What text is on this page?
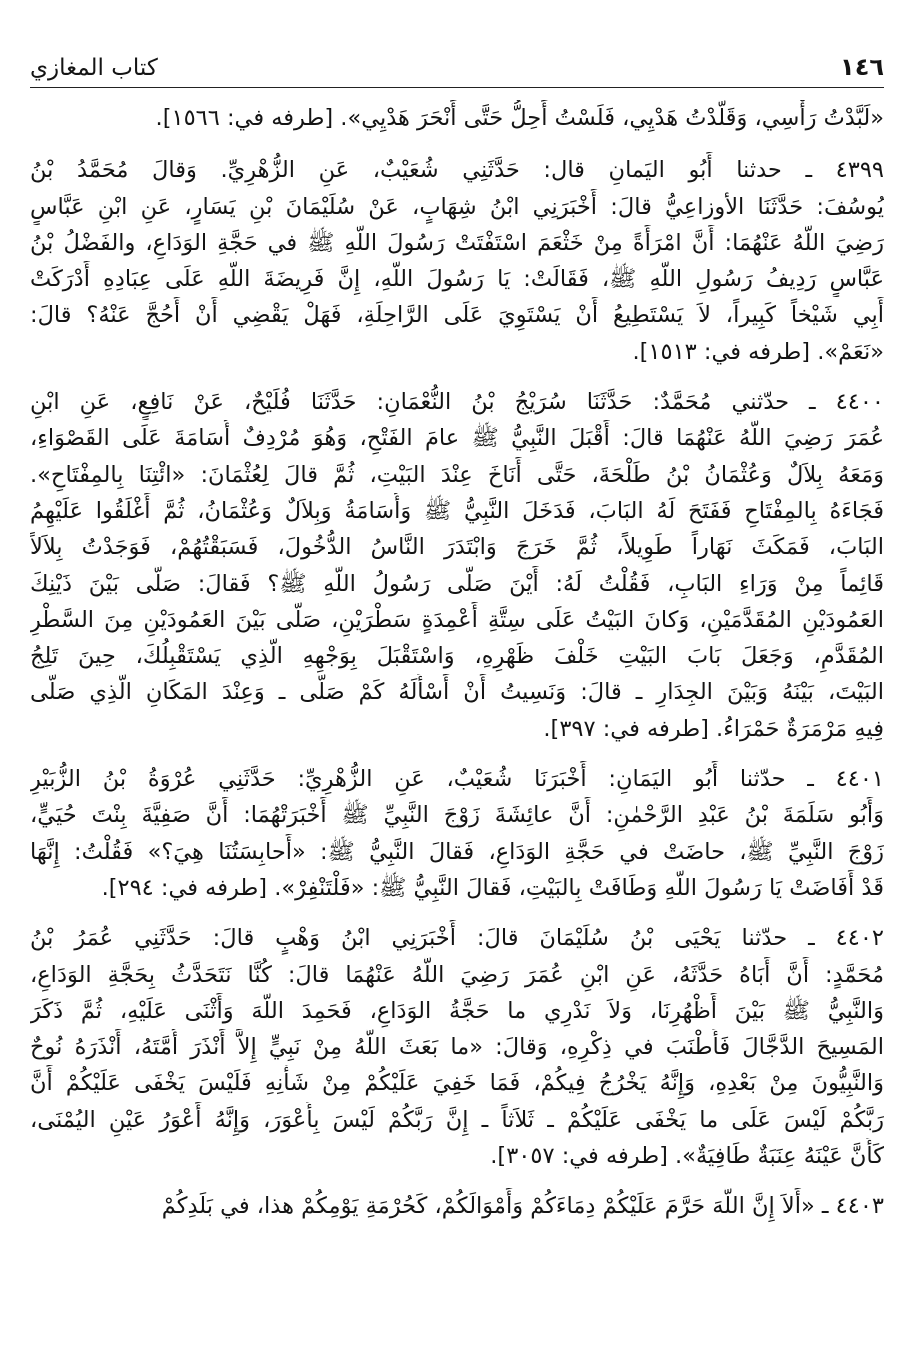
١٤٦
كتاب المغازي
«لَبَّدْتُ رَأْسِي، وَقَلَّدْتُ هَدْيِي، فَلَسْتُ أَحِلُّ حَتَّى أَنْحَرَ هَدْيِي». [طرفه في: ١٥٦٦].
٤٣٩٩ ـ حدثنا أَبُو اليَمانِ قال: حَدَّثَنِي شُعَيْبٌ، عَنِ الزُّهْرِيِّ. وَقالَ مُحَمَّدُ بْنُ
يُوسُفَ: حَدَّثَنَا الأوزاعِيُّ قالَ: أَخْبَرَنِي ابْنُ شِهَابٍ، عَنْ سُلَيْمَانَ بْنِ يَسَارٍ، عَنِ ابْنِ عَبَّاسٍ
رَضِيَ اللَّهُ عَنْهُمَا: أَنَّ امْرَأَةً مِنْ خَثْعَمَ اسْتَفْتَتْ رَسُولَ اللَّهِ ﷺ في حَجَّةِ الوَدَاعِ، والفَضْلُ بْنُ
عَبَّاسٍ رَدِيفُ رَسُولِ اللَّهِ ﷺ، فَقَالَتْ: يَا رَسُولَ اللَّهِ، إِنَّ فَرِيضَةَ اللَّهِ عَلَى عِبَادِهِ أَدْرَكَتْ
أَبِي شَيْخاً كَبِيراً، لاَ يَسْتَطِيعُ أَنْ يَسْتَوِيَ عَلَى الرَّاحِلَةِ، فَهَلْ يَقْضِي أَنْ أَحُجَّ عَنْهُ؟ قالَ:
«نَعَمْ». [طرفه في: ١٥١٣].
٤٤٠٠ ـ حدّثني مُحَمَّدٌ: حَدَّثَنَا سُرَيْجُ بْنُ النُّعْمَانِ: حَدَّثَنَا فُلَيْحٌ، عَنْ نَافِعٍ، عَنِ ابْنِ
عُمَرَ رَضِيَ اللَّهُ عَنْهُمَا قالَ: أَقْبَلَ النَّبِيُّ ﷺ عامَ الفَتْحِ، وَهُوَ مُرْدِفٌ أُسَامَةَ عَلَى القَصْوَاءِ،
وَمَعَهُ بِلاَلٌ وَعُثْمَانُ بْنُ طَلْحَةَ، حَتَّى أَنَاخَ عِنْدَ البَيْتِ، ثُمَّ قالَ لِعُثْمَانَ: «ائْتِنَا بِالمِفْتَاحِ».
فَجَاءَهُ بِالمِفْتَاحِ فَفَتَحَ لَهُ البَابَ، فَدَخَلَ النَّبِيُّ ﷺ وَأُسَامَةُ وَبِلاَلٌ وَعُثْمَانُ، ثُمَّ أَغْلَقُوا عَلَيْهِمُ
البَابَ، فَمَكَثَ نَهَاراً طَوِيلاً، ثُمَّ خَرَجَ وَابْتَدَرَ النَّاسُ الدُّخُولَ، فَسَبَقْتُهُمْ، فَوَجَدْتُ بِلاَلاً
قَائِماً مِنْ وَرَاءِ البَابِ، فَقُلْتُ لَهُ: أَيْنَ صَلَّى رَسُولُ اللَّهِ ﷺ؟ فَقالَ: صَلَّى بَيْنَ ذَيْنِكَ
العَمُودَيْنِ المُقَدَّمَيْنِ، وَكانَ البَيْتُ عَلَى سِتَّةِ أَعْمِدَةٍ سَطْرَيْنِ، صَلَّى بَيْنَ العَمُودَيْنِ مِنَ السَّطْرِ
المُقَدَّمِ، وَجَعَلَ بَابَ البَيْتِ خَلْفَ ظَهْرِهِ، وَاسْتَقْبَلَ بِوَجْهِهِ الَّذِي يَسْتَقْبِلُكَ، حِينَ تَلِجُ
البَيْتَ، بَيْنَهُ وَبَيْنَ الجِدَارِ ـ قالَ: وَنَسِيتُ أَنْ أَسْأَلَهُ كَمْ صَلَّى ـ وَعِنْدَ المَكَانِ الَّذِي صَلَّى
فِيهِ مَرْمَرَةٌ حَمْرَاءُ. [طرفه في: ٣٩٧].
٤٤٠١ ـ حدّثنا أَبُو اليَمَانِ: أَخْبَرَنَا شُعَيْبٌ، عَنِ الزُّهْرِيِّ: حَدَّثَنِي عُرْوَةُ بْنُ الزُّبَيْرِ
وَأَبُو سَلَمَةَ بْنُ عَبْدِ الرَّحْمٰنِ: أَنَّ عائِشَةَ زَوْجَ النَّبِيِّ ﷺ أَخْبَرَتْهُمَا: أَنَّ صَفِيَّةَ بِنْتَ حُيَيٍّ،
زَوْجَ النَّبِيِّ ﷺ، حاضَتْ في حَجَّةِ الوَدَاعِ، فَقالَ النَّبِيُّ ﷺ: «أَحابِسَتُنَا هِيَ؟» فَقُلْتُ: إِنَّهَا
قَدْ أَفَاضَتْ يَا رَسُولَ اللَّهِ وَطَافَتْ بِالبَيْتِ، فَقالَ النَّبِيُّ ﷺ: «فَلْتَنْفِرْ». [طرفه في: ٢٩٤].
٤٤٠٢ ـ حدّثنا يَحْيَى بْنُ سُلَيْمَانَ قالَ: أَخْبَرَنِي ابْنُ وَهْبٍ قالَ: حَدَّثَنِي عُمَرُ بْنُ
مُحَمَّدٍ: أَنَّ أَبَاهُ حَدَّثَهُ، عَنِ ابْنِ عُمَرَ رَضِيَ اللَّهُ عَنْهُمَا قالَ: كُنَّا نَتَحَدَّثُ بِحَجَّةِ الوَدَاعِ،
وَالنَّبِيُّ ﷺ بَيْنَ أَظْهُرِنَا، وَلاَ نَدْرِي ما حَجَّةُ الوَدَاعِ، فَحَمِدَ اللَّهَ وَأَثْنَى عَلَيْهِ، ثُمَّ ذَكَرَ
المَسِيحَ الدَّجَّالَ فَأَطْنَبَ في ذِكْرِهِ، وَقالَ: «ما بَعَثَ اللَّهُ مِنْ نَبِيٍّ إِلاَّ أَنْذَرَ أُمَّتَهُ، أَنْذَرَهُ نُوحٌ
وَالنَّبِيُّونَ مِنْ بَعْدِهِ، وَإِنَّهُ يَخْرُجُ فِيكُمْ، فَمَا خَفِيَ عَلَيْكُمْ مِنْ شَأْنِهِ فَلَيْسَ يَخْفَى عَلَيْكُمْ أَنَّ
رَبَّكُمْ لَيْسَ عَلَى ما يَخْفَى عَلَيْكُمْ ـ ثَلاَثاً ـ إِنَّ رَبَّكُمْ لَيْسَ بِأَعْوَرَ، وَإِنَّهُ أَعْوَرُ عَيْنِ اليُمْنَى،
كَأَنَّ عَيْنَهُ عِنَبَةٌ طَافِيَةٌ». [طرفه في: ٣٠٥٧].
٤٤٠٣ ـ «أَلاَ إِنَّ اللَّهَ حَرَّمَ عَلَيْكُمْ دِمَاءَكُمْ وَأَمْوَالَكُمْ، كَحُرْمَةِ يَوْمِكُمْ هذا، في بَلَدِكُمْ
